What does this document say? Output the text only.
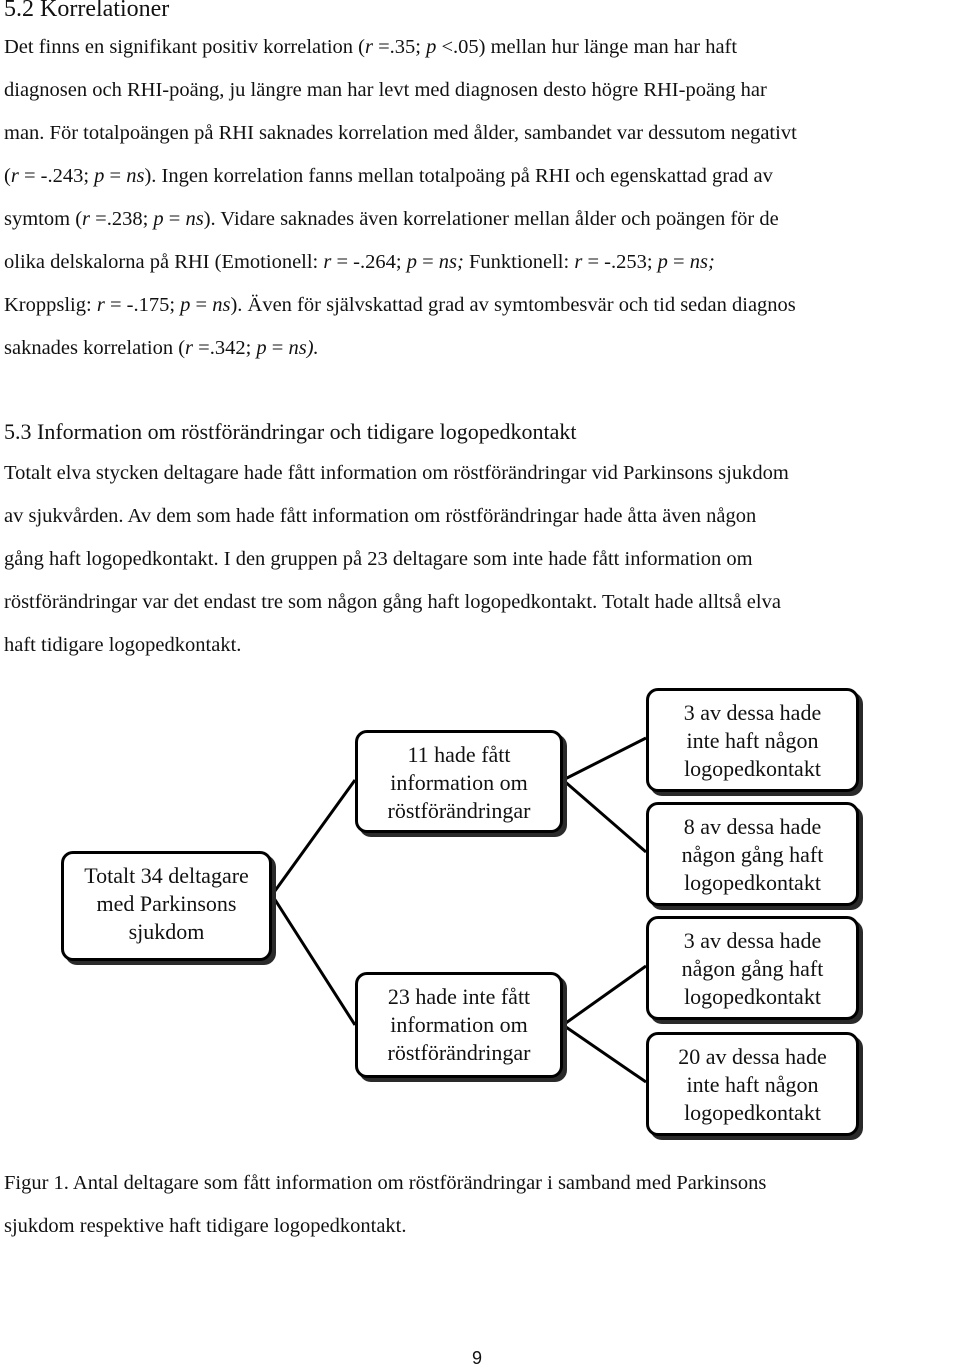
5.2 Korrelationer
Det finns en signifikant positiv korrelation (r =.35; p <.05) mellan hur länge man har haft
diagnosen och RHI-poäng, ju längre man har levt med diagnosen desto högre RHI-poäng har
man. För totalpoängen på RHI saknades korrelation med ålder, sambandet var dessutom negativt
(r = -.243; p = ns). Ingen korrelation fanns mellan totalpoäng på RHI och egenskattad grad av
symtom (r =.238; p = ns). Vidare saknades även korrelationer mellan ålder och poängen för de
olika delskalorna på RHI (Emotionell: r = -.264; p = ns; Funktionell: r = -.253; p = ns;
Kroppslig: r = -.175; p = ns). Även för självskattad grad av symtombesvär och tid sedan diagnos
saknades korrelation (r =.342; p = ns).
5.3 Information om röstförändringar och tidigare logopedkontakt
Totalt elva stycken deltagare hade fått information om röstförändringar vid Parkinsons sjukdom
av sjukvården. Av dem som hade fått information om röstförändringar hade åtta även någon
gång haft logopedkontakt. I den gruppen på 23 deltagare som inte hade fått information om
röstförändringar var det endast tre som någon gång haft logopedkontakt. Totalt hade alltså elva
haft tidigare logopedkontakt.
Totalt 34 deltagare
med Parkinsons
sjukdom
11 hade fått
information om
röstförändringar
23 hade inte fått
information om
röstförändringar
3 av dessa hade
inte haft någon
logopedkontakt
8 av dessa hade
någon gång haft
logopedkontakt
3 av dessa hade
någon gång haft
logopedkontakt
20 av dessa hade
inte haft någon
logopedkontakt
Figur 1. Antal deltagare som fått information om röstförändringar i samband med Parkinsons
sjukdom respektive haft tidigare logopedkontakt.
9
